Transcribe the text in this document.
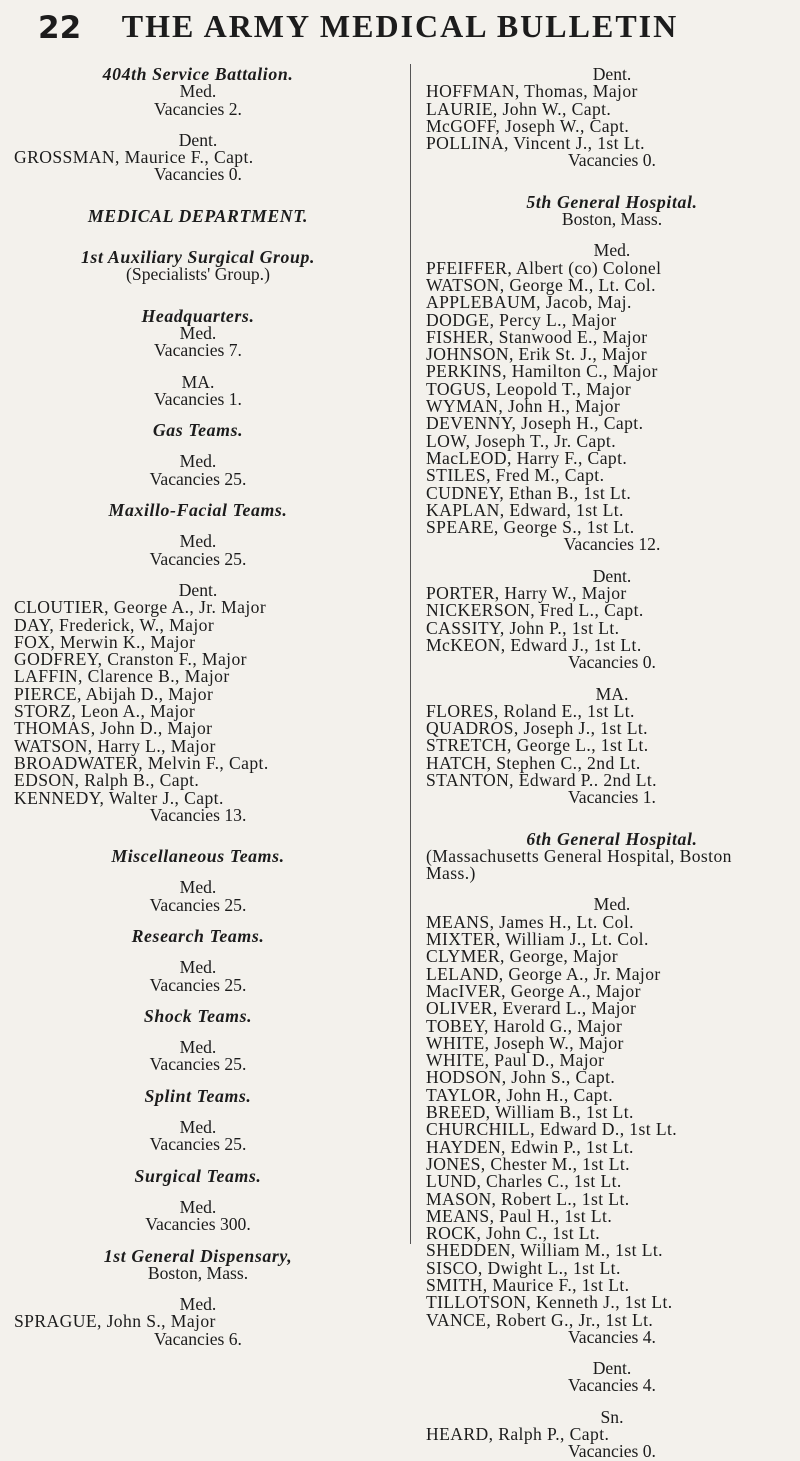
22	THE ARMY MEDICAL BULLETIN
404th Service Battalion.
Med.
Vacancies 2.
Dent.
GROSSMAN, Maurice F., Capt.
Vacancies 0.
MEDICAL DEPARTMENT.
1st Auxiliary Surgical Group.
(Specialists' Group.)
Headquarters.
Med.
Vacancies 7.
MA.
Vacancies 1.
Gas Teams.
Med.
Vacancies 25.
Maxillo-Facial Teams.
Med.
Vacancies 25.
Dent.
CLOUTIER, George A., Jr. Major
DAY, Frederick, W., Major
FOX, Merwin K., Major
GODFREY, Cranston F., Major
LAFFIN, Clarence B., Major
PIERCE, Abijah D., Major
STORZ, Leon A., Major
THOMAS, John D., Major
WATSON, Harry L., Major
BROADWATER, Melvin F., Capt.
EDSON, Ralph B., Capt.
KENNEDY, Walter J., Capt.
Vacancies 13.
Miscellaneous Teams.
Med.
Vacancies 25.
Research Teams.
Med.
Vacancies 25.
Shock Teams.
Med.
Vacancies 25.
Splint Teams.
Med.
Vacancies 25.
Surgical Teams.
Med.
Vacancies 300.
1st General Dispensary,
Boston, Mass.
Med.
SPRAGUE, John S., Major
Vacancies 6.
Dent.
HOFFMAN, Thomas, Major
LAURIE, John W., Capt.
McGOFF, Joseph W., Capt.
POLLINA, Vincent J., 1st Lt.
Vacancies 0.
5th General Hospital.
Boston, Mass.
Med.
PFEIFFER, Albert (co) Colonel
WATSON, George M., Lt. Col.
APPLEBAUM, Jacob, Maj.
DODGE, Percy L., Major
FISHER, Stanwood E., Major
JOHNSON, Erik St. J., Major
PERKINS, Hamilton C., Major
TOGUS, Leopold T., Major
WYMAN, John H., Major
DEVENNY, Joseph H., Capt.
LOW, Joseph T., Jr. Capt.
MacLEOD, Harry F., Capt.
STILES, Fred M., Capt.
CUDNEY, Ethan B., 1st Lt.
KAPLAN, Edward, 1st Lt.
SPEARE, George S., 1st Lt.
Vacancies 12.
Dent.
PORTER, Harry W., Major
NICKERSON, Fred L., Capt.
CASSITY, John P., 1st Lt.
McKEON, Edward J., 1st Lt.
Vacancies 0.
MA.
FLORES, Roland E., 1st Lt.
QUADROS, Joseph J., 1st Lt.
STRETCH, George L., 1st Lt.
HATCH, Stephen C., 2nd Lt.
STANTON, Edward P.. 2nd Lt.
Vacancies 1.
6th General Hospital.
(Massachusetts General Hospital, Boston
Mass.)
Med.
MEANS, James H., Lt. Col.
MIXTER, William J., Lt. Col.
CLYMER, George, Major
LELAND, George A., Jr. Major
MacIVER, George A., Major
OLIVER, Everard L., Major
TOBEY, Harold G., Major
WHITE, Joseph W., Major
WHITE, Paul D., Major
HODSON, John S., Capt.
TAYLOR, John H., Capt.
BREED, William B., 1st Lt.
CHURCHILL, Edward D., 1st Lt.
HAYDEN, Edwin P., 1st Lt.
JONES, Chester M., 1st Lt.
LUND, Charles C., 1st Lt.
MASON, Robert L., 1st Lt.
MEANS, Paul H., 1st Lt.
ROCK, John C., 1st Lt.
SHEDDEN, William M., 1st Lt.
SISCO, Dwight L., 1st Lt.
SMITH, Maurice F., 1st Lt.
TILLOTSON, Kenneth J., 1st Lt.
VANCE, Robert G., Jr., 1st Lt.
Vacancies 4.
Dent.
Vacancies 4.
Sn.
HEARD, Ralph P., Capt.
Vacancies 0.
